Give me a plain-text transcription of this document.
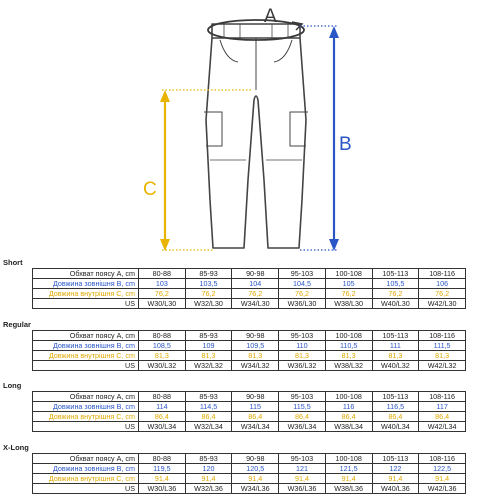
A
B
C
Short
Обхват поясу A, cm	80-88	85-93	90-98	95-103	100-108	105-113	108-116
Довжина зовнішня B, cm	103	103,5	104	104,5	105	105,5	106
Довжина внутрішня C, cm	76,2	76,2	76,2	76,2	76,2	76,2	76,2
US	W30/L30	W32/L30	W34/L30	W36/L30	W38/L30	W40/L30	W42/L30
Regular
Обхват поясу A, cm	80-88	85-93	90-98	95-103	100-108	105-113	108-116
Довжина зовнішня B, cm	108,5	109	109,5	110	110,5	111	111,5
Довжина внутрішня C, cm	81,3	81,3	81,3	81,3	81,3	81,3	81,3
US	W30/L32	W32/L32	W34/L32	W36/L32	W38/L32	W40/L32	W42/L32
Long
Обхват поясу A, cm	80-88	85-93	90-98	95-103	100-108	105-113	108-116
Довжина зовнішня B, cm	114	114,5	115	115,5	116	116,5	117
Довжина внутрішня C, cm	86,4	86,4	86,4	86,4	86,4	86,4	86,4
US	W30/L34	W32/L34	W34/L34	W36/L34	W38/L34	W40/L34	W42/L34
X-Long
Обхват поясу A, cm	80-88	85-93	90-98	95-103	100-108	105-113	108-116
Довжина зовнішня B, cm	119,5	120	120,5	121	121,5	122	122,5
Довжина внутрішня C, cm	91,4	91,4	91,4	91,4	91,4	91,4	91,4
US	W30/L36	W32/L36	W34/L36	W36/L36	W38/L36	W40/L36	W42/L36
